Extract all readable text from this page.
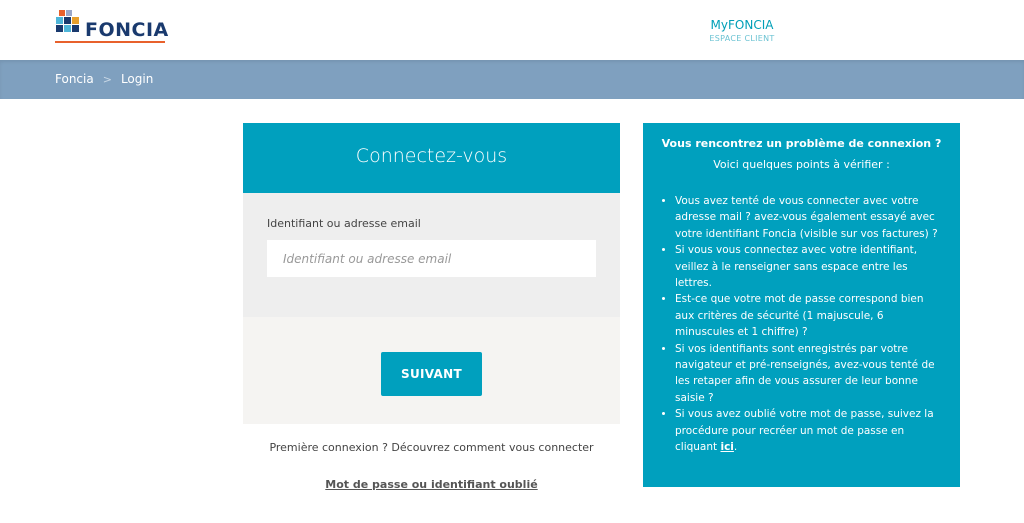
FONCIA	MyFONCIA
ESPACE CLIENT
Foncia > Login
Connectez-vous
Identifiant ou adresse email
Identifiant ou adresse email
SUIVANT
Première connexion ? Découvrez comment vous connecter
Mot de passe ou identifiant oublié
Vous rencontrez un problème de connexion ?
Voici quelques points à vérifier :
• Vous avez tenté de vous connecter avec votre adresse mail ? avez-vous également essayé avec votre identifiant Foncia (visible sur vos factures) ?
• Si vous vous connectez avec votre identifiant, veillez à le renseigner sans espace entre les lettres.
• Est-ce que votre mot de passe correspond bien aux critères de sécurité (1 majuscule, 6 minuscules et 1 chiffre) ?
• Si vos identifiants sont enregistrés par votre navigateur et pré-renseignés, avez-vous tenté de les retaper afin de vous assurer de leur bonne saisie ?
• Si vous avez oublié votre mot de passe, suivez la procédure pour recréer un mot de passe en cliquant ici.
